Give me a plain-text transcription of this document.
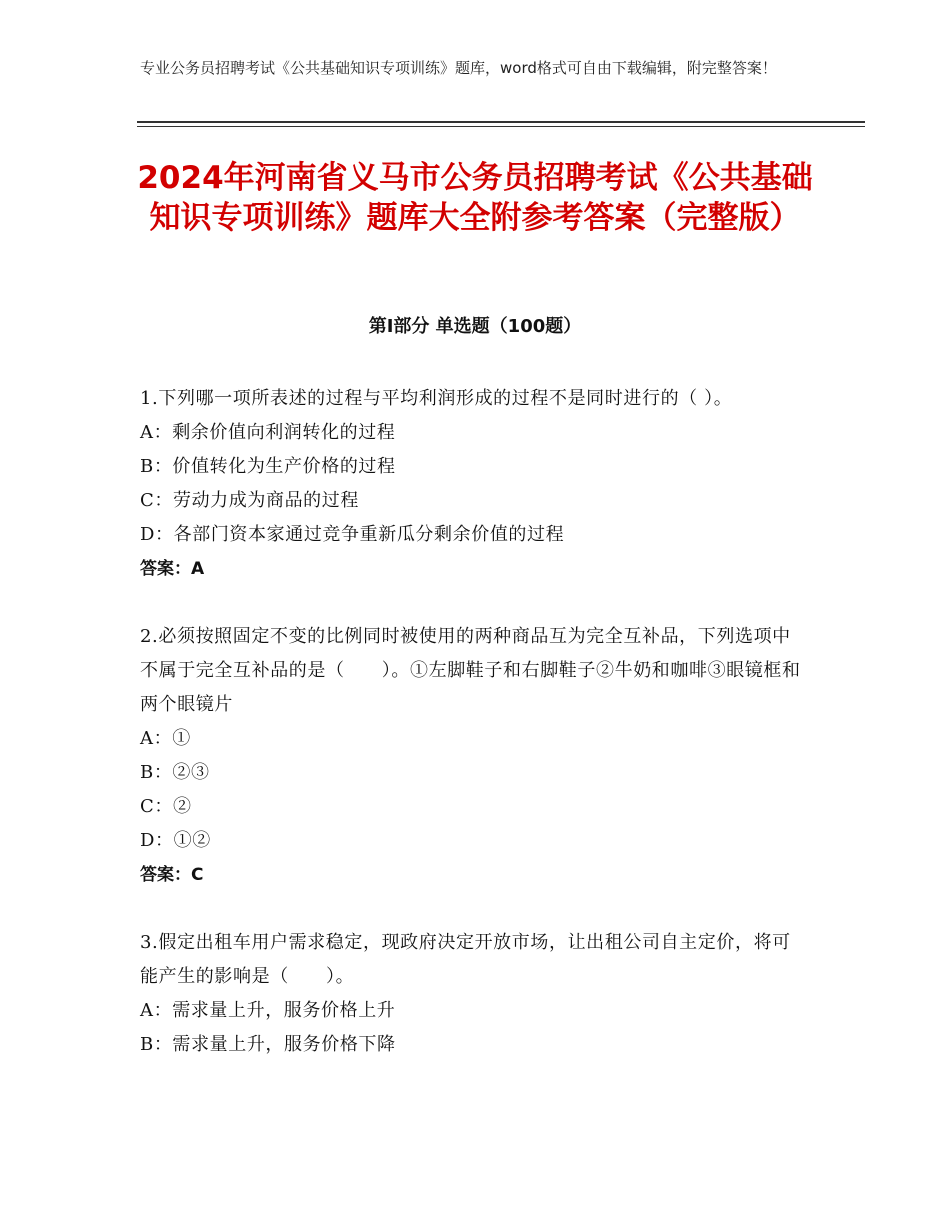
专业公务员招聘考试《公共基础知识专项训练》题库，word格式可自由下载编辑，附完整答案！
2024年河南省义马市公务员招聘考试《公共基础知识专项训练》题库大全附参考答案（完整版）
第Ⅰ部分 单选题（100题）
1.下列哪一项所表述的过程与平均利润形成的过程不是同时进行的（ ）。
A：剩余价值向利润转化的过程
B：价值转化为生产价格的过程
C：劳动力成为商品的过程
D：各部门资本家通过竞争重新瓜分剩余价值的过程
答案：A
2.必须按照固定不变的比例同时被使用的两种商品互为完全互补品，下列选项中不属于完全互补品的是（　　）。①左脚鞋子和右脚鞋子②牛奶和咖啡③眼镜框和两个眼镜片
A：①
B：②③
C：②
D：①②
答案：C
3.假定出租车用户需求稳定，现政府决定开放市场，让出租公司自主定价，将可能产生的影响是（　　）。
A：需求量上升，服务价格上升
B：需求量上升，服务价格下降
